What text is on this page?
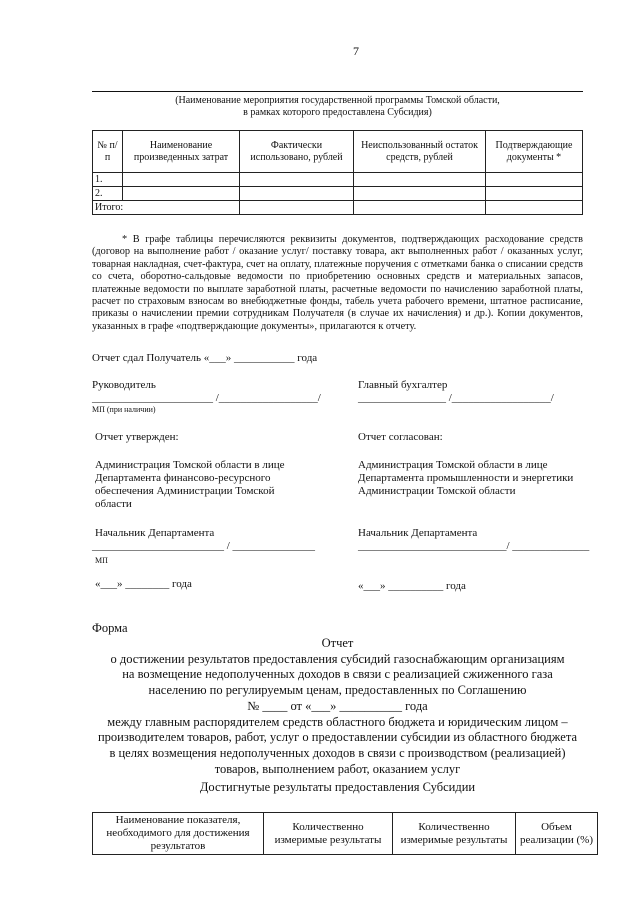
7
(Наименование мероприятия государственной программы Томской области,
в рамках которого предоставлена Субсидия)
№ п/п	Наименование произведенных затрат	Фактически использовано, рублей	Неиспользованный остаток средств, рублей	Подтверждающие документы *
1.				
2.				
Итого:				
* В графе таблицы перечисляются реквизиты документов, подтверждающих расходование средств (договор на выполнение работ / оказание услуг/ поставку товара, акт выполненных работ / оказанных услуг, товарная накладная, счет-фактура, счет на оплату, платежные поручения с отметками банка о списании средств со счета, оборотно-сальдовые ведомости по приобретению основных средств и материальных запасов, платежные ведомости по выплате заработной платы, расчетные ведомости по начислению заработной платы, расчет по страховым взносам во внебюджетные фонды, табель учета рабочего времени, штатное расписание, приказы о начислении премии сотрудникам Получателя (в случае их начисления) и др.). Копии документов, указанных в графе «подтверждающие документы», прилагаются к отчету.
Отчет сдал Получатель «___» ___________ года
Руководитель
______________________ /__________________/
МП (при наличии)
Главный бухгалтер
________________ /__________________/
Отчет утвержден:	Отчет согласован:
Администрация Томской области в лице
Департамента финансово-ресурсного
обеспечения Администрации Томской
области
Администрация Томской области в лице
Департамента промышленности и энергетики
Администрации Томской области
Начальник Департамента
________________________ / _______________
МП
Начальник Департамента
___________________________/ ______________
«___» ________ года	«___» __________ года
Форма
Отчет
о достижении результатов предоставления субсидий газоснабжающим организациям
на возмещение недополученных доходов в связи с реализацией сжиженного газа
населению по регулируемым ценам, предоставленных по Соглашению
№ ____ от «___» __________ года
между главным распорядителем средств областного бюджета и юридическим лицом –
производителем товаров, работ, услуг о предоставлении субсидии из областного бюджета
в целях возмещения недополученных доходов в связи с производством (реализацией)
товаров, выполнением работ, оказанием услуг
Достигнутые результаты предоставления Субсидии
Наименование показателя, необходимого для достижения результатов	Количественно измеримые результаты	Количественно измеримые результаты	Объем реализации (%)
